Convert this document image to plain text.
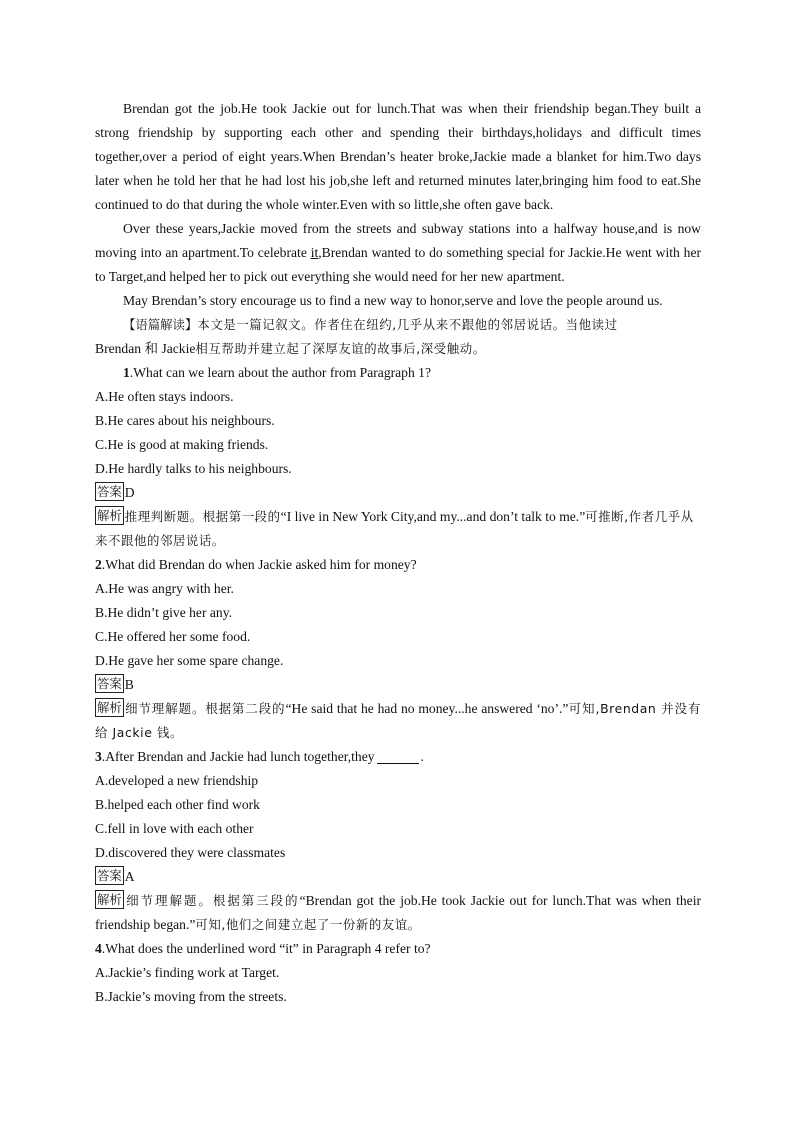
Brendan got the job.He took Jackie out for lunch.That was when their friendship began.They built a strong friendship by supporting each other and spending their birthdays,holidays and difficult times together,over a period of eight years.When Brendan’s heater broke,Jackie made a blanket for him.Two days later when he told her that he had lost his job,she left and returned minutes later,bringing him food to eat.She continued to do that during the whole winter.Even with so little,she often gave back.

Over these years,Jackie moved from the streets and subway stations into a halfway house,and is now moving into an apartment.To celebrate it,Brendan wanted to do something special for Jackie.He went with her to Target,and helped her to pick out everything she would need for her new apartment.

May Brendan’s story encourage us to find a new way to honor,serve and love the people around us.

【语篇解读】本文是一篇记叙文。作者住在纽约,几乎从来不跟他的邻居说话。当他读过
Brendan 和 Jackie相互帮助并建立起了深厚友谊的故事后,深受触动。

1.What can we learn about the author from Paragraph 1?

A.He often stays indoors.

B.He cares about his neighbours.

C.He is good at making friends.

D.He hardly talks to his neighbours.

答案 D

解析 推理判断题。根据第一段的“I live in New York City,and my...and don’t talk to me.”可推断,作者几乎从来不跟他的邻居说话。

2.What did Brendan do when Jackie asked him for money?

A.He was angry with her.

B.He didn’t give her any.

C.He offered her some food.

D.He gave her some spare change.

答案 B

解析 细节理解题。根据第二段的“He said that he had no money...he answered ‘no’.”可知,Brendan 并没有给 Jackie 钱。

3.After Brendan and Jackie had lunch together,they	.

A.developed a new friendship

B.helped each other find work

C.fell in love with each other

D.discovered they were classmates

答案 A

解析 细节理解题。根据第三段的“Brendan got the job.He took Jackie out for lunch.That was when their friendship began.”可知,他们之间建立起了一份新的友谊。

4.What does the underlined word “it” in Paragraph 4 refer to?

A.Jackie’s finding work at Target.

B.Jackie’s moving from the streets.
